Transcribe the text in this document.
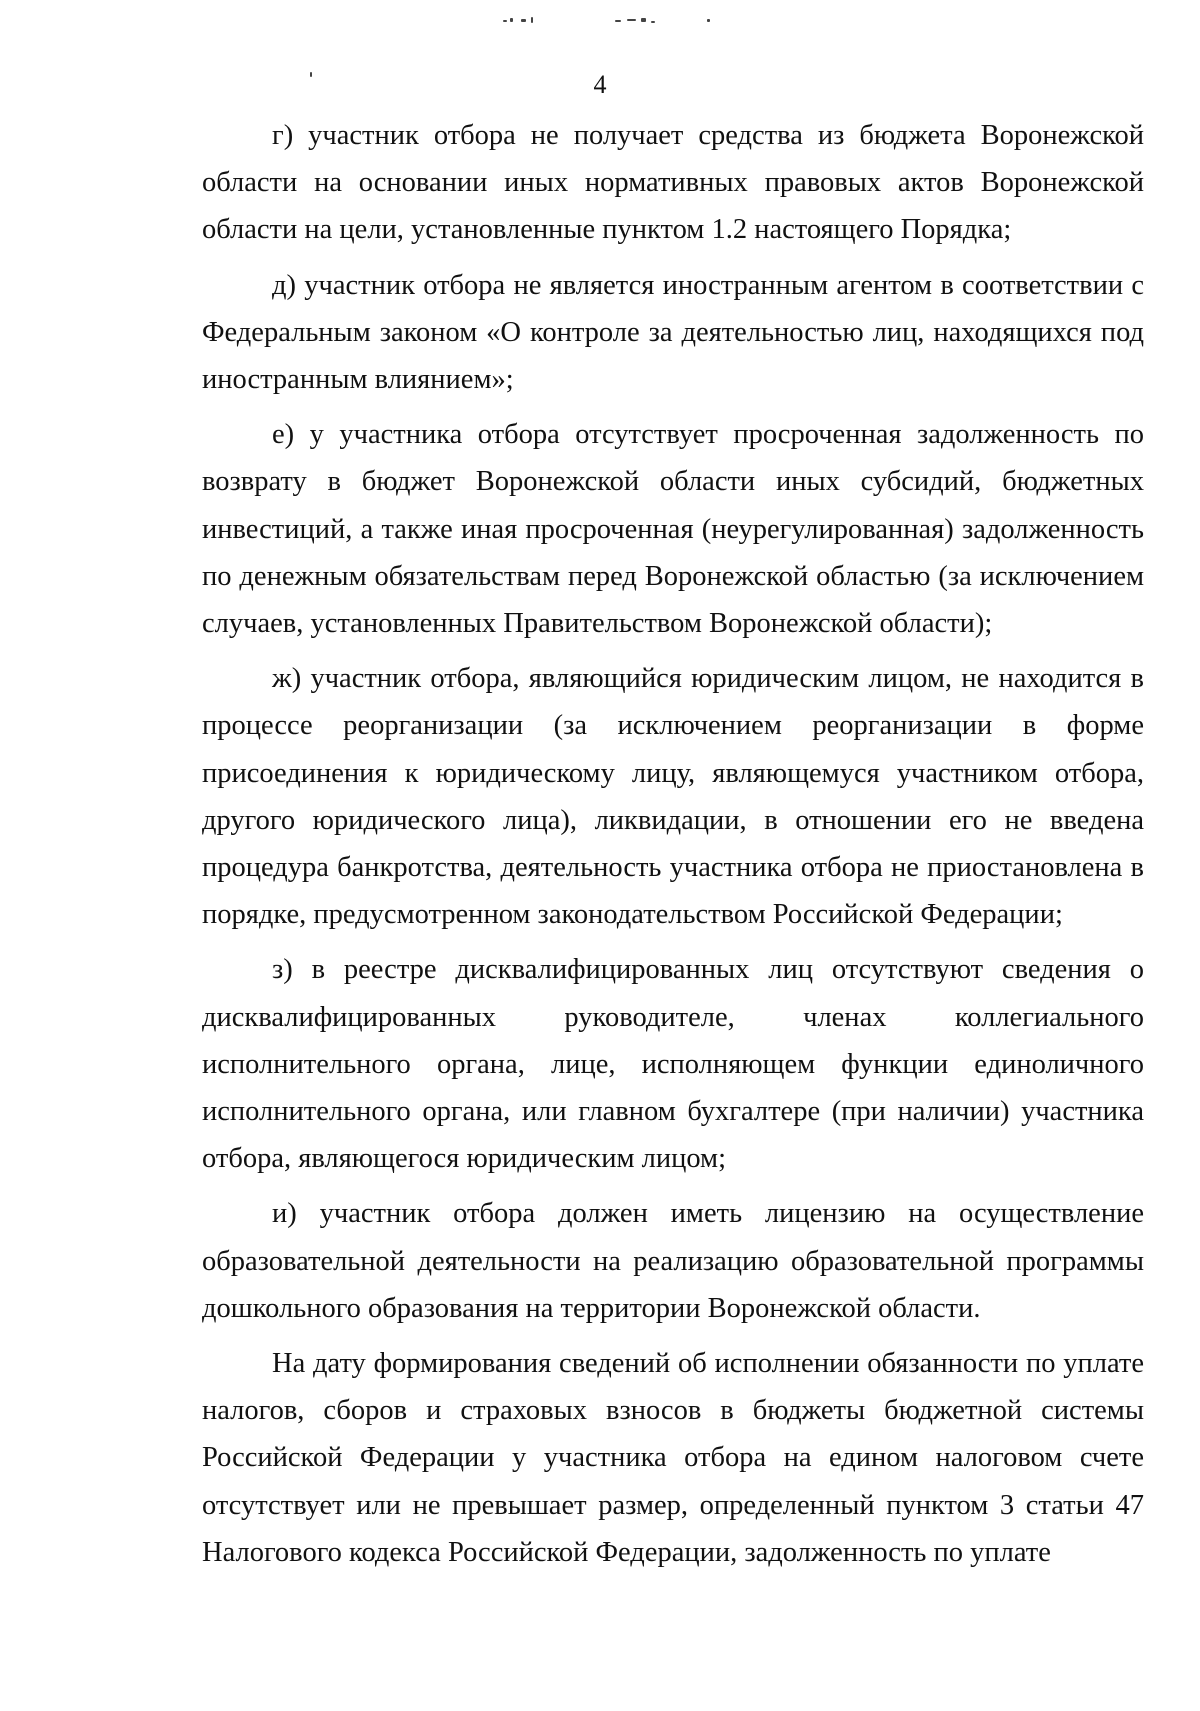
4

г) участник отбора не получает средства из бюджета Воронежской области на основании иных нормативных правовых актов Воронежской области на цели, установленные пунктом 1.2 настоящего Порядка;

д) участник отбора не является иностранным агентом в соответствии с Федеральным законом «О контроле за деятельностью лиц, находящихся под иностранным влиянием»;

е) у участника отбора отсутствует просроченная задолженность по возврату в бюджет Воронежской области иных субсидий, бюджетных инвестиций, а также иная просроченная (неурегулированная) задолженность по денежным обязательствам перед Воронежской областью (за исключением случаев, установленных Правительством Воронежской области);

ж) участник отбора, являющийся юридическим лицом, не находится в процессе реорганизации (за исключением реорганизации в форме присоединения к юридическому лицу, являющемуся участником отбора, другого юридического лица), ликвидации, в отношении его не введена процедура банкротства, деятельность участника отбора не приостановлена в порядке, предусмотренном законодательством Российской Федерации;

з) в реестре дисквалифицированных лиц отсутствуют сведения о дисквалифицированных руководителе, членах коллегиального исполнительного органа, лице, исполняющем функции единоличного исполнительного органа, или главном бухгалтере (при наличии) участника отбора, являющегося юридическим лицом;

и) участник отбора должен иметь лицензию на осуществление образовательной деятельности на реализацию образовательной программы дошкольного образования на территории Воронежской области.

На дату формирования сведений об исполнении обязанности по уплате налогов, сборов и страховых взносов в бюджеты бюджетной системы Российской Федерации у участника отбора на едином налоговом счете отсутствует или не превышает размер, определенный пунктом 3 статьи 47 Налогового кодекса Российской Федерации, задолженность по уплате
